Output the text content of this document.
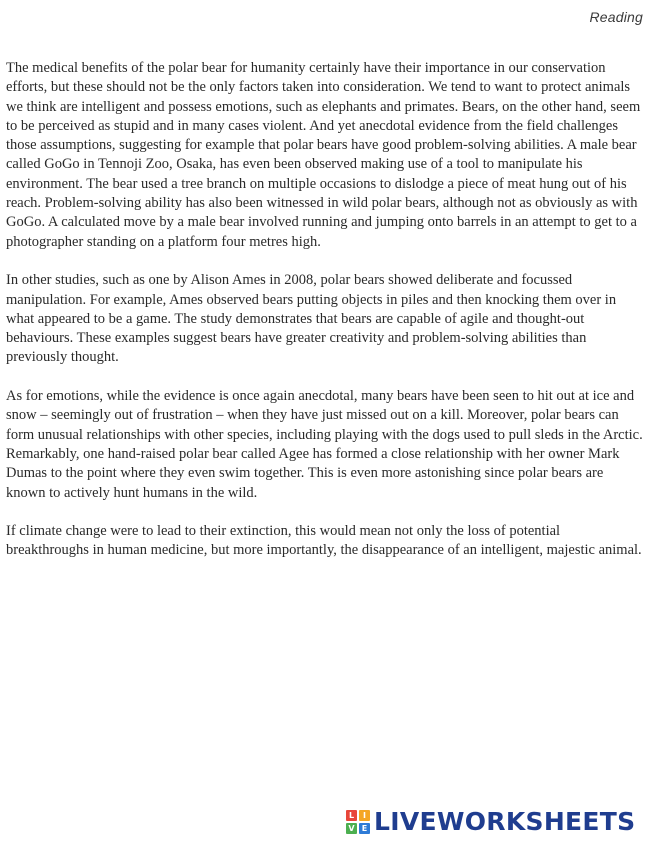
Reading

The medical benefits of the polar bear for humanity certainly have their importance in our conservation efforts, but these should not be the only factors taken into consideration. We tend to want to protect animals we think are intelligent and possess emotions, such as elephants and primates. Bears, on the other hand, seem to be perceived as stupid and in many cases violent. And yet anecdotal evidence from the field challenges those assumptions, suggesting for example that polar bears have good problem-solving abilities. A male bear called GoGo in Tennoji Zoo, Osaka, has even been observed making use of a tool to manipulate his environment. The bear used a tree branch on multiple occasions to dislodge a piece of meat hung out of his reach. Problem-solving ability has also been witnessed in wild polar bears, although not as obviously as with GoGo. A calculated move by a male bear involved running and jumping onto barrels in an attempt to get to a photographer standing on a platform four metres high.

In other studies, such as one by Alison Ames in 2008, polar bears showed deliberate and focussed manipulation. For example, Ames observed bears putting objects in piles and then knocking them over in what appeared to be a game. The study demonstrates that bears are capable of agile and thought-out behaviours. These examples suggest bears have greater creativity and problem-solving abilities than previously thought.

As for emotions, while the evidence is once again anecdotal, many bears have been seen to hit out at ice and snow – seemingly out of frustration – when they have just missed out on a kill. Moreover, polar bears can form unusual relationships with other species, including playing with the dogs used to pull sleds in the Arctic. Remarkably, one hand-raised polar bear called Agee has formed a close relationship with her owner Mark Dumas to the point where they even swim together. This is even more astonishing since polar bears are known to actively hunt humans in the wild.

If climate change were to lead to their extinction, this would mean not only the loss of potential breakthroughs in human medicine, but more importantly, the disappearance of an intelligent, majestic animal.

L	I
V E LIVEWORKSHEETS
